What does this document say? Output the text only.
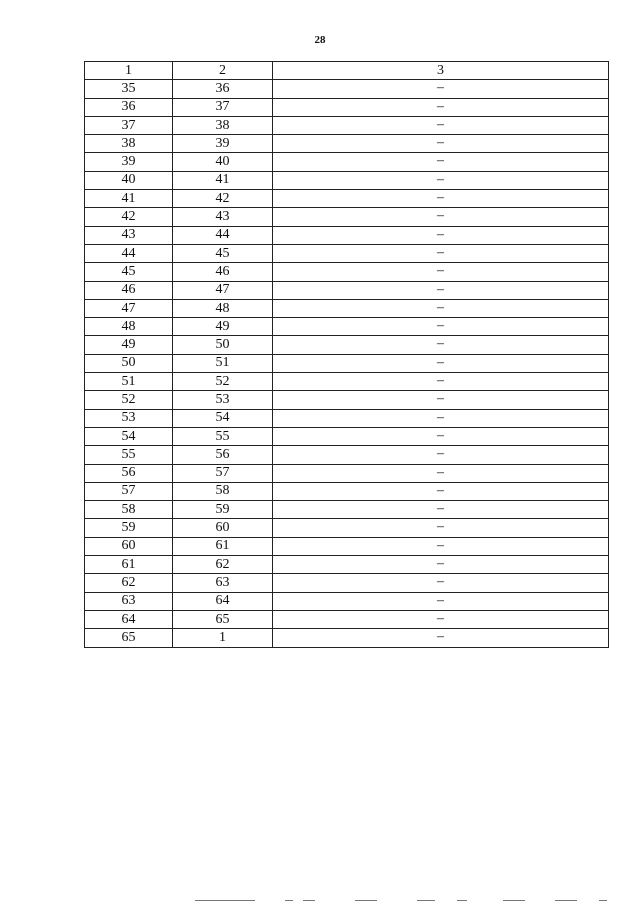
28
1	2	3
35	36	–
36	37	–
37	38	–
38	39	–
39	40	–
40	41	–
41	42	–
42	43	–
43	44	–
44	45	–
45	46	–
46	47	–
47	48	–
48	49	–
49	50	–
50	51	–
51	52	–
52	53	–
53	54	–
54	55	–
55	56	–
56	57	–
57	58	–
58	59	–
59	60	–
60	61	–
61	62	–
62	63	–
63	64	–
64	65	–
65	1	–
